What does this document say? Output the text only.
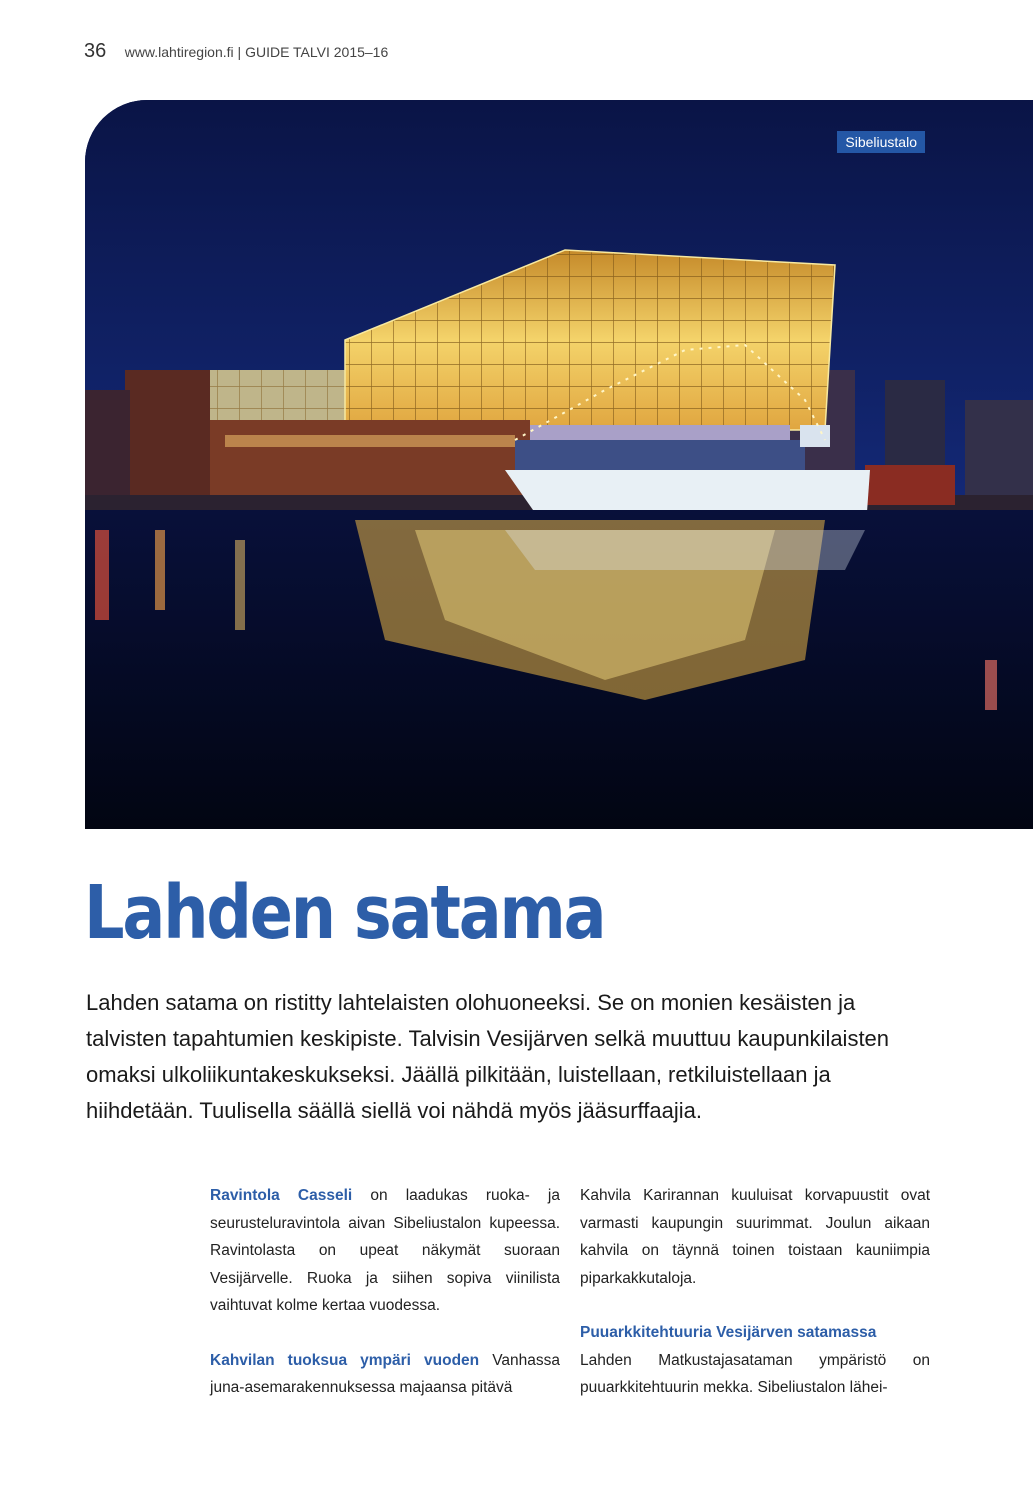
36 www.lahtiregion.fi | GUIDE TALVI 2015–16
Sibeliustalo
Lahden satama

Lahden satama on ristitty lahtelaisten olohuoneeksi. Se on monien kesäisten ja talvisten tapahtumien keskipiste. Talvisin Vesijärven selkä muuttuu kaupunkilaisten omaksi ulkoliikuntakeskukseksi. Jäällä pilkitään, luistellaan, retkiluistellaan ja hiihdetään. Tuulisella säällä siellä voi nähdä myös jääsurffaajia.

Ravintola Casseli on laadukas ruoka- ja seurusteluravintola aivan Sibeliustalon kupeessa. Ravintolasta on upeat näkymät suoraan Vesijärvelle. Ruoka ja siihen sopiva viinilista vaihtuvat kolme kertaa vuodessa.

Kahvilan tuoksua ympäri vuoden Vanhassa juna-asemarakennuksessa majaansa pitävä

Kahvila Karirannan kuuluisat korvapuustit ovat varmasti kaupungin suurimmat. Joulun aikaan kahvila on täynnä toinen toistaan kauniimpia piparkakkutaloja.

Puuarkkitehtuuria Vesijärven satamassa
Lahden Matkustajasataman ympäristö on puuarkkitehtuurin mekka. Sibeliustalon lähei-
